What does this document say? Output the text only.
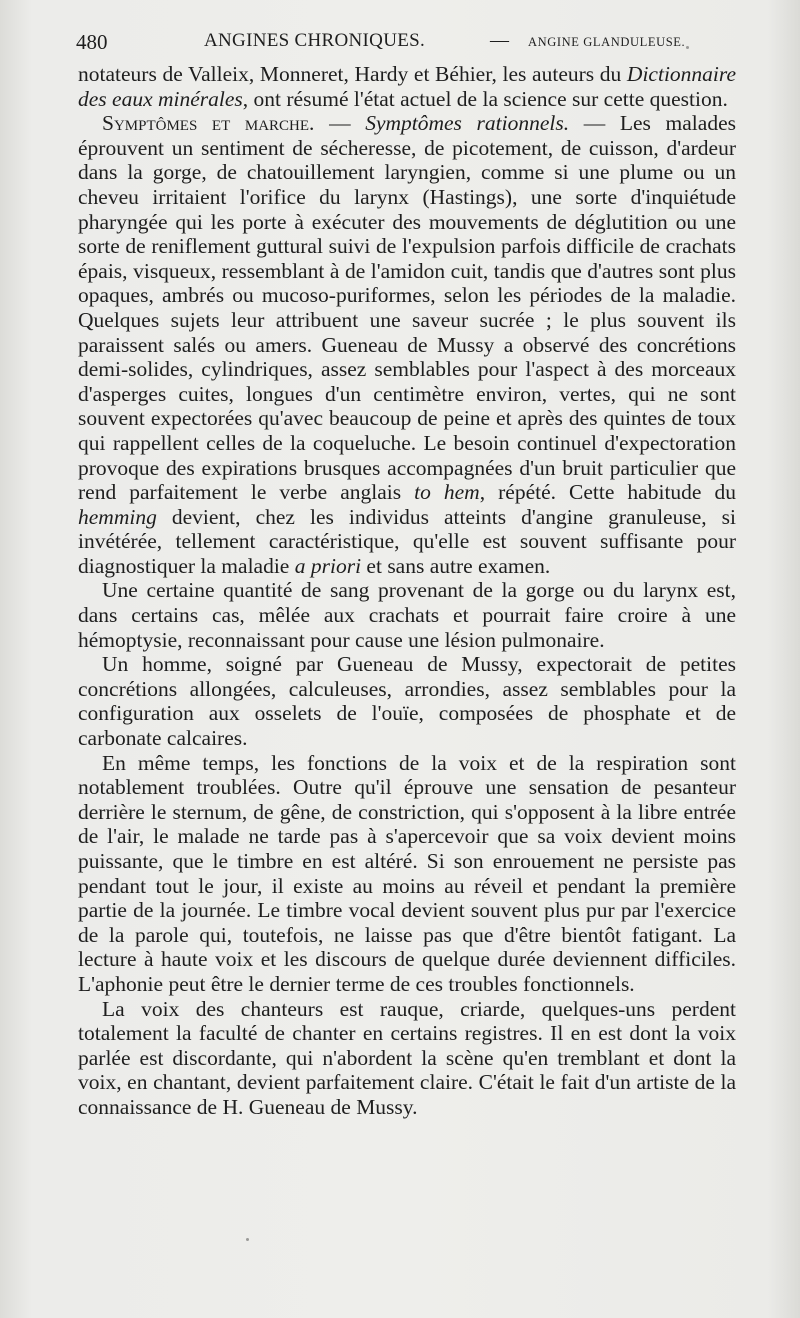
480	ANGINES CHRONIQUES.	— ANGINE GLANDULEUSE.

notateurs de Valleix, Monneret, Hardy et Béhier, les auteurs du Dictionnaire des eaux minérales, ont résumé l'état actuel de la science sur cette question.

Symptômes et marche. — Symptômes rationnels. — Les malades éprouvent un sentiment de sécheresse, de picotement, de cuisson, d'ardeur dans la gorge, de chatouillement laryngien, comme si une plume ou un cheveu irritaient l'orifice du larynx (Hastings), une sorte d'inquiétude pharyngée qui les porte à exécuter des mouvements de déglutition ou une sorte de reniflement guttural suivi de l'expulsion parfois difficile de crachats épais, visqueux, ressemblant à de l'amidon cuit, tandis que d'autres sont plus opaques, ambrés ou mucoso-puriformes, selon les périodes de la maladie. Quelques sujets leur attribuent une saveur sucrée ; le plus souvent ils paraissent salés ou amers. Gueneau de Mussy a observé des concrétions demi-solides, cylindriques, assez semblables pour l'aspect à des morceaux d'asperges cuites, longues d'un centimètre environ, vertes, qui ne sont souvent expectorées qu'avec beaucoup de peine et après des quintes de toux qui rappellent celles de la coqueluche. Le besoin continuel d'expectoration provoque des expirations brusques accompagnées d'un bruit particulier que rend parfaitement le verbe anglais to hem, répété. Cette habitude du hemming devient, chez les individus atteints d'angine granuleuse, si invétérée, tellement caractéristique, qu'elle est souvent suffisante pour diagnostiquer la maladie a priori et sans autre examen.

Une certaine quantité de sang provenant de la gorge ou du larynx est, dans certains cas, mêlée aux crachats et pourrait faire croire à une hémoptysie, reconnaissant pour cause une lésion pulmonaire.

Un homme, soigné par Gueneau de Mussy, expectorait de petites concrétions allongées, calculeuses, arrondies, assez semblables pour la configuration aux osselets de l'ouïe, composées de phosphate et de carbonate calcaires.

En même temps, les fonctions de la voix et de la respiration sont notablement troublées. Outre qu'il éprouve une sensation de pesanteur derrière le sternum, de gêne, de constriction, qui s'opposent à la libre entrée de l'air, le malade ne tarde pas à s'apercevoir que sa voix devient moins puissante, que le timbre en est altéré. Si son enrouement ne persiste pas pendant tout le jour, il existe au moins au réveil et pendant la première partie de la journée. Le timbre vocal devient souvent plus pur par l'exercice de la parole qui, toutefois, ne laisse pas que d'être bientôt fatigant. La lecture à haute voix et les discours de quelque durée deviennent difficiles. L'aphonie peut être le dernier terme de ces troubles fonctionnels.

La voix des chanteurs est rauque, criarde, quelques-uns perdent totalement la faculté de chanter en certains registres. Il en est dont la voix parlée est discordante, qui n'abordent la scène qu'en tremblant et dont la voix, en chantant, devient parfaitement claire. C'était le fait d'un artiste de la connaissance de H. Gueneau de Mussy.
